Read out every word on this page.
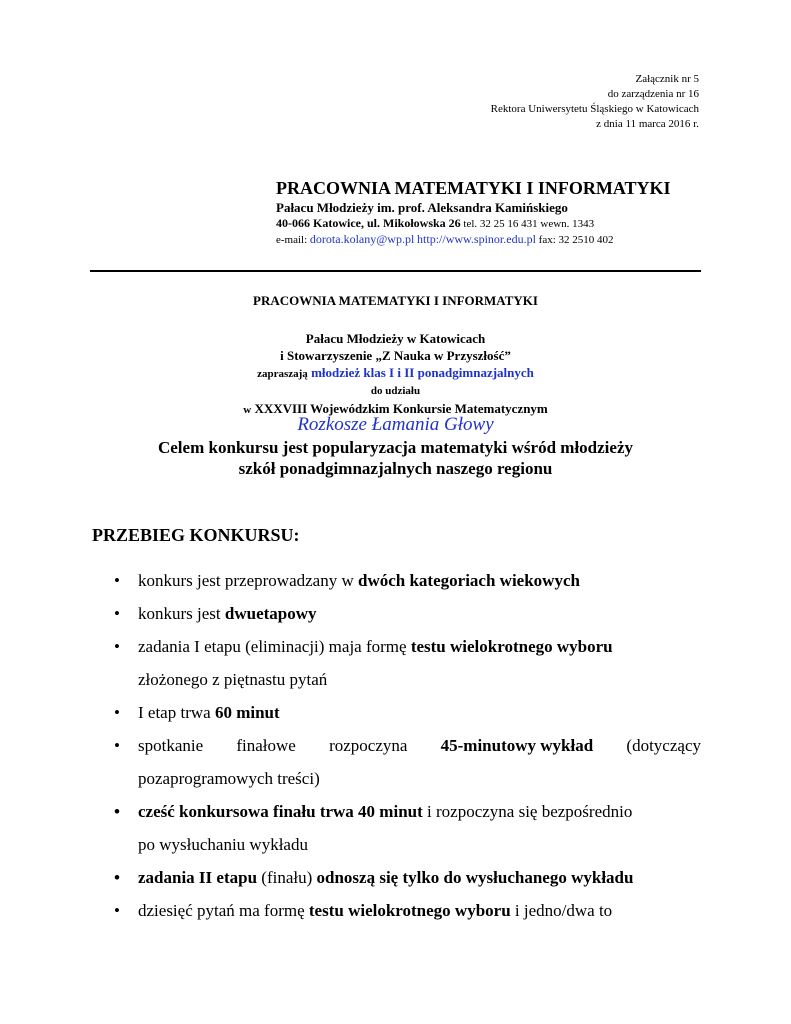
Załącznik nr 5
do zarządzenia nr 16
Rektora Uniwersytetu Śląskiego w Katowicach
z dnia 11 marca 2016 r.
PRACOWNIA MATEMATYKI I INFORMATYKI
Pałacu Młodzieży im. prof. Aleksandra Kamińskiego
40-066 Katowice, ul. Mikołowska 26 tel. 32 25 16 431 wewn. 1343
e-mail: dorota.kolany@wp.pl http://www.spinor.edu.pl fax: 32 2510 402
PRACOWNIA MATEMATYKI I INFORMATYKI
Pałacu Młodzieży w Katowicach
i Stowarzyszenie „Z Nauka w Przyszłość”
zapraszają młodzież klas I i II ponadgimnazjalnych
do udziału
w XXXVIII Wojewódzkim Konkursie Matematycznym
Rozkosze Łamania Głowy
Celem konkursu jest popularyzacja matematyki wśród młodzieży
szkół ponadgimnazjalnych naszego regionu
PRZEBIEG KONKURSU:
• konkurs jest przeprowadzany w dwóch kategoriach wiekowych
• konkurs jest dwuetapowy
• zadania I etapu (eliminacji) maja formę testu wielokrotnego wyboru
złożonego z piętnastu pytań
• I etap trwa 60 minut
• spotkanie finałowe rozpoczyna 45-minutowy wykład (dotyczący
pozaprogramowych treści)
• cześć konkursowa finału trwa 40 minut i rozpoczyna się bezpośrednio
po wysłuchaniu wykładu
• zadania II etapu (finału) odnoszą się tylko do wysłuchanego wykładu
• dziesięć pytań ma formę testu wielokrotnego wyboru i jedno/dwa to
